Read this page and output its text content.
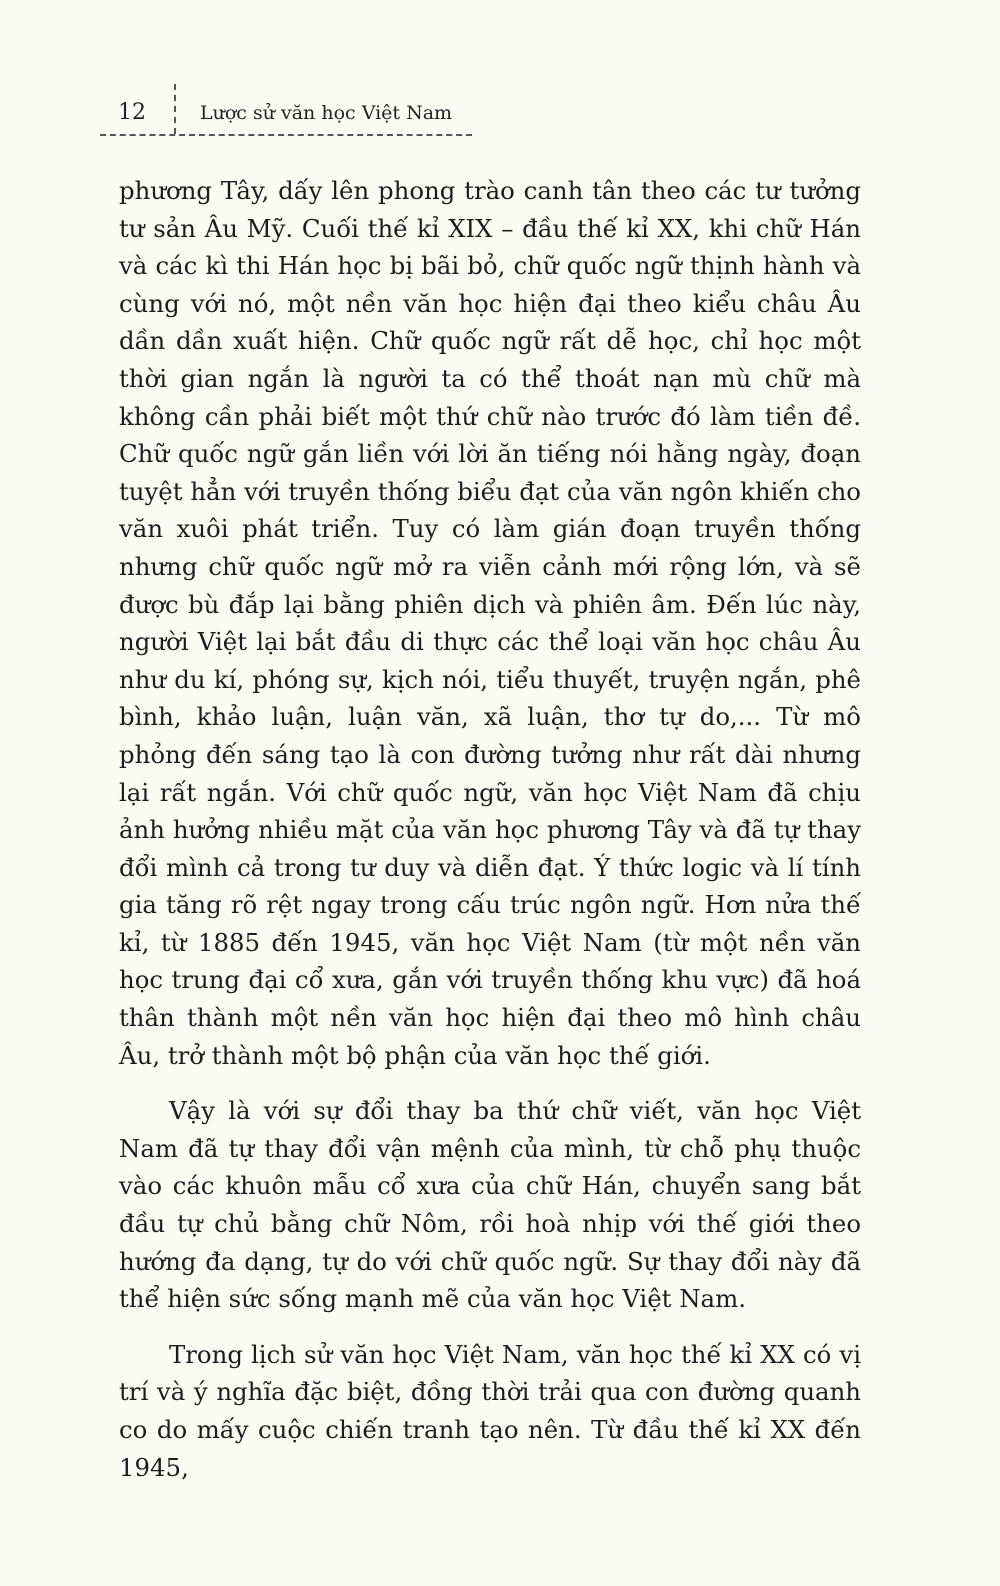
12	Lược sử văn học Việt Nam

phương Tây, dấy lên phong trào canh tân theo các tư tưởng tư sản Âu Mỹ. Cuối thế kỉ XIX – đầu thế kỉ XX, khi chữ Hán và các kì thi Hán học bị bãi bỏ, chữ quốc ngữ thịnh hành và cùng với nó, một nền văn học hiện đại theo kiểu châu Âu dần dần xuất hiện. Chữ quốc ngữ rất dễ học, chỉ học một thời gian ngắn là người ta có thể thoát nạn mù chữ mà không cần phải biết một thứ chữ nào trước đó làm tiền đề. Chữ quốc ngữ gắn liền với lời ăn tiếng nói hằng ngày, đoạn tuyệt hẳn với truyền thống biểu đạt của văn ngôn khiến cho văn xuôi phát triển. Tuy có làm gián đoạn truyền thống nhưng chữ quốc ngữ mở ra viễn cảnh mới rộng lớn, và sẽ được bù đắp lại bằng phiên dịch và phiên âm. Đến lúc này, người Việt lại bắt đầu di thực các thể loại văn học châu Âu như du kí, phóng sự, kịch nói, tiểu thuyết, truyện ngắn, phê bình, khảo luận, luận văn, xã luận, thơ tự do,... Từ mô phỏng đến sáng tạo là con đường tưởng như rất dài nhưng lại rất ngắn. Với chữ quốc ngữ, văn học Việt Nam đã chịu ảnh hưởng nhiều mặt của văn học phương Tây và đã tự thay đổi mình cả trong tư duy và diễn đạt. Ý thức logic và lí tính gia tăng rõ rệt ngay trong cấu trúc ngôn ngữ. Hơn nửa thế kỉ, từ 1885 đến 1945, văn học Việt Nam (từ một nền văn học trung đại cổ xưa, gắn với truyền thống khu vực) đã hoá thân thành một nền văn học hiện đại theo mô hình châu Âu, trở thành một bộ phận của văn học thế giới.

Vậy là với sự đổi thay ba thứ chữ viết, văn học Việt Nam đã tự thay đổi vận mệnh của mình, từ chỗ phụ thuộc vào các khuôn mẫu cổ xưa của chữ Hán, chuyển sang bắt đầu tự chủ bằng chữ Nôm, rồi hoà nhịp với thế giới theo hướng đa dạng, tự do với chữ quốc ngữ. Sự thay đổi này đã thể hiện sức sống mạnh mẽ của văn học Việt Nam.

Trong lịch sử văn học Việt Nam, văn học thế kỉ XX có vị trí và ý nghĩa đặc biệt, đồng thời trải qua con đường quanh co do mấy cuộc chiến tranh tạo nên. Từ đầu thế kỉ XX đến 1945,
